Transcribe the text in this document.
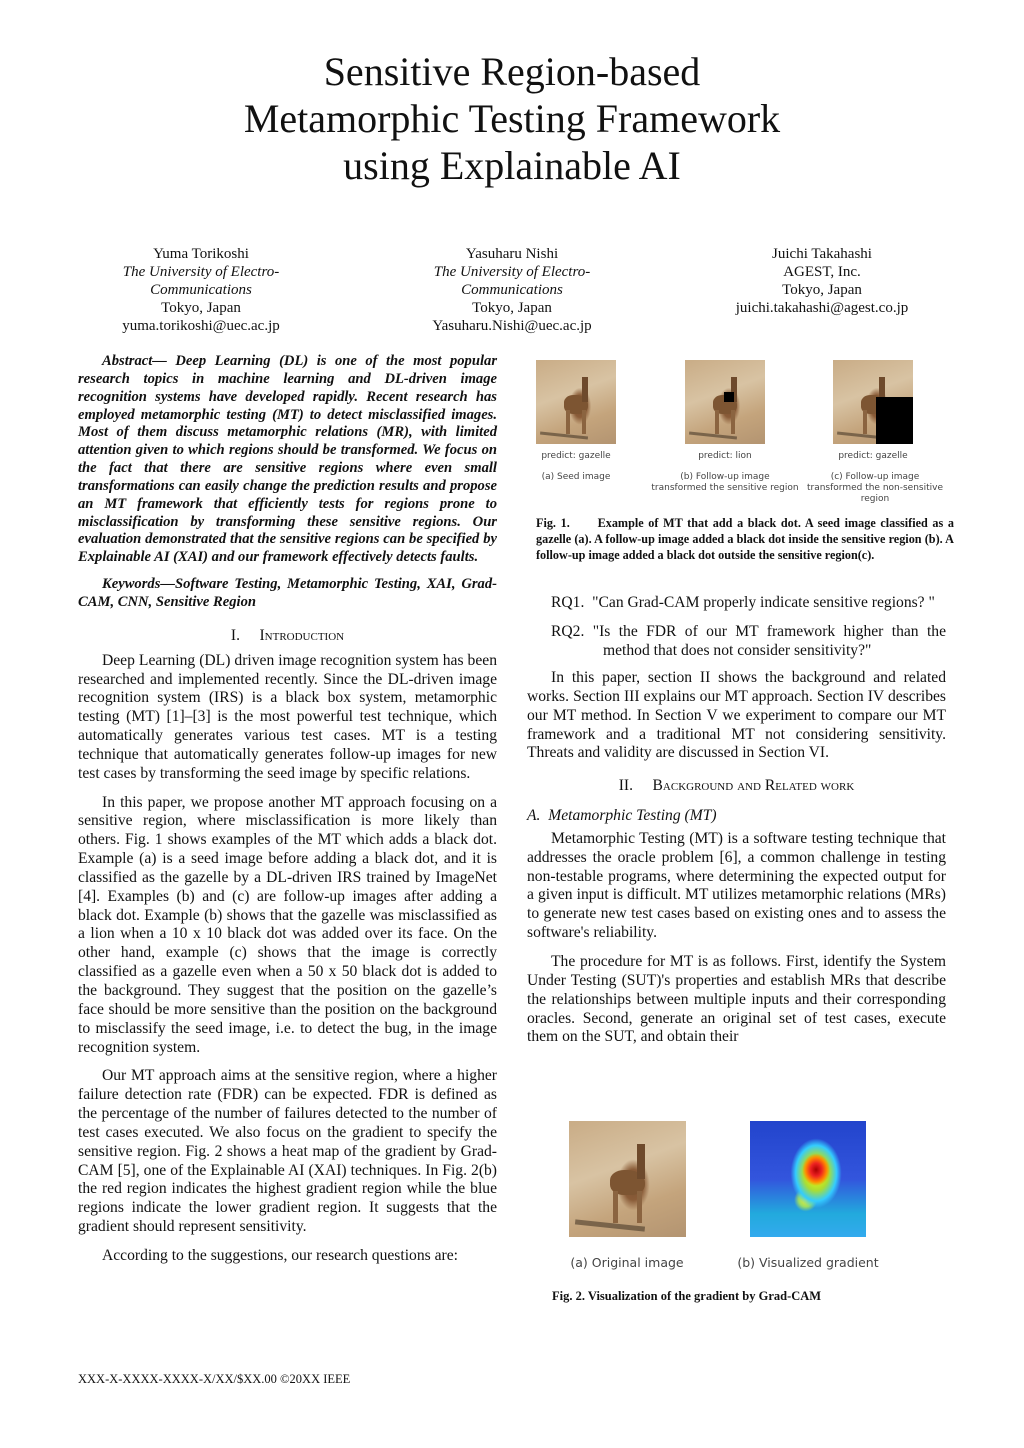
Sensitive Region-based
Metamorphic Testing Framework
using Explainable AI
Yuma Torikoshi
The University of Electro-
Communications
Tokyo, Japan
yuma.torikoshi@uec.ac.jp
Yasuharu Nishi
The University of Electro-
Communications
Tokyo, Japan
Yasuharu.Nishi@uec.ac.jp
Juichi Takahashi
AGEST, Inc.
Tokyo, Japan
juichi.takahashi@agest.co.jp
Abstract— Deep Learning (DL) is one of the most popular research topics in machine learning and DL-driven image recognition systems have developed rapidly. Recent research has employed metamorphic testing (MT) to detect misclassified images. Most of them discuss metamorphic relations (MR), with limited attention given to which regions should be transformed. We focus on the fact that there are sensitive regions where even small transformations can easily change the prediction results and propose an MT framework that efficiently tests for regions prone to misclassification by transforming these sensitive regions. Our evaluation demonstrated that the sensitive regions can be specified by Explainable AI (XAI) and our framework effectively detects faults.
Keywords—Software Testing, Metamorphic Testing, XAI, Grad-CAM, CNN, Sensitive Region
I. Introduction

Deep Learning (DL) driven image recognition system has been researched and implemented recently. Since the DL-driven image recognition system (IRS) is a black box system, metamorphic testing (MT) [1]–[3] is the most powerful test technique, which automatically generates various test cases. MT is a testing technique that automatically generates follow-up images for new test cases by transforming the seed image by specific relations.

In this paper, we propose another MT approach focusing on a sensitive region, where misclassification is more likely than others. Fig. 1 shows examples of the MT which adds a black dot. Example (a) is a seed image before adding a black dot, and it is classified as the gazelle by a DL-driven IRS trained by ImageNet [4]. Examples (b) and (c) are follow-up images after adding a black dot. Example (b) shows that the gazelle was misclassified as a lion when a 10 x 10 black dot was added over its face. On the other hand, example (c) shows that the image is correctly classified as a gazelle even when a 50 x 50 black dot is added to the background. They suggest that the position on the gazelle’s face should be more sensitive than the position on the background to misclassify the seed image, i.e. to detect the bug, in the image recognition system.

Our MT approach aims at the sensitive region, where a higher failure detection rate (FDR) can be expected. FDR is defined as the percentage of the number of failures detected to the number of test cases executed. We also focus on the gradient to specify the sensitive region. Fig. 2 shows a heat map of the gradient by Grad-CAM [5], one of the Explainable AI (XAI) techniques. In Fig. 2(b) the red region indicates the highest gradient region while the blue regions indicate the lower gradient region. It suggests that the gradient should represent sensitivity.

According to the suggestions, our research questions are:

XXX-X-XXXX-XXXX-X/XX/$XX.00 ©20XX IEEE
predict: gazelle	predict: lion	predict: gazelle
(a) Seed image	(b) Follow-up image
transformed the sensitive region
(c) Follow-up image
transformed the non-sensitive region
Fig. 1.      Example of MT that add a black dot. A seed image classified as a gazelle (a). A follow-up image added a black dot inside the sensitive region (b). A follow-up image added a black dot outside the sensitive region(c).
RQ1. "Can Grad-CAM properly indicate sensitive regions? "
RQ2. "Is the FDR of our MT framework higher than the method that does not consider sensitivity?"

In this paper, section II shows the background and related works. Section III explains our MT approach. Section IV describes our MT method. In Section V we experiment to compare our MT framework and a traditional MT not considering sensitivity. Threats and validity are discussed in Section VI.

II. Background and Related work
A.  Metamorphic Testing (MT)

Metamorphic Testing (MT) is a software testing technique that addresses the oracle problem [6], a common challenge in testing non-testable programs, where determining the expected output for a given input is difficult. MT utilizes metamorphic relations (MRs) to generate new test cases based on existing ones and to assess the software's reliability.

The procedure for MT is as follows. First, identify the System Under Testing (SUT)'s properties and establish MRs that describe the relationships between multiple inputs and their corresponding oracles. Second, generate an original set of test cases, execute them on the SUT, and obtain their

(a) Original image	(b) Visualized gradient
Fig. 2. Visualization of the gradient by Grad-CAM
